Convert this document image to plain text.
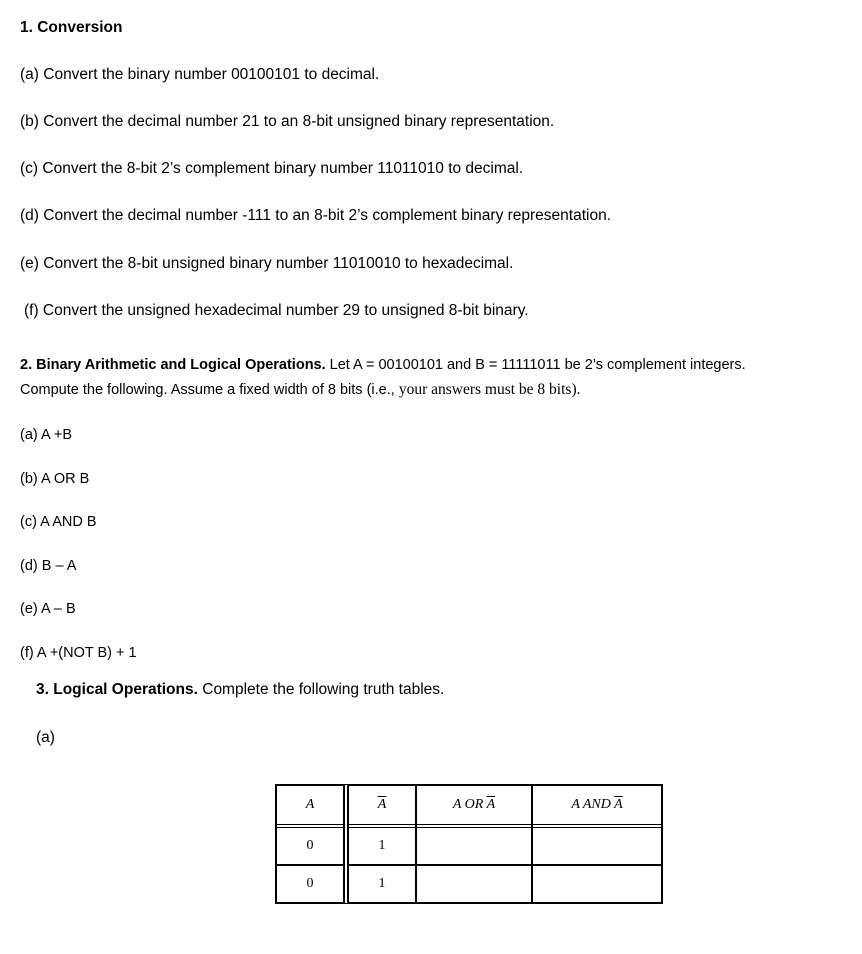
1. Conversion
(a) Convert the binary number 00100101 to decimal.
(b) Convert the decimal number 21 to an 8-bit unsigned binary representation.
(c) Convert the 8-bit 2’s complement binary number 11011010 to decimal.
(d) Convert the decimal number -111 to an 8-bit 2’s complement binary representation.
(e) Convert the 8-bit unsigned binary number 11010010 to hexadecimal.
(f) Convert the unsigned hexadecimal number 29 to unsigned 8-bit binary.
2. Binary Arithmetic and Logical Operations. Let A = 00100101 and B = 11111011 be 2’s complement integers.
Compute the following. Assume a fixed width of 8 bits (i.e., your answers must be 8 bits).
(a) A +B
(b) A OR B
(c) A AND B
(d) B – A
(e) A – B
(f) A +(NOT B) + 1
3. Logical Operations. Complete the following truth tables.
(a)
A		$\overline{A}$	A OR $\overline{A}$	A AND $\overline{A}$

0		1		
0		1		
